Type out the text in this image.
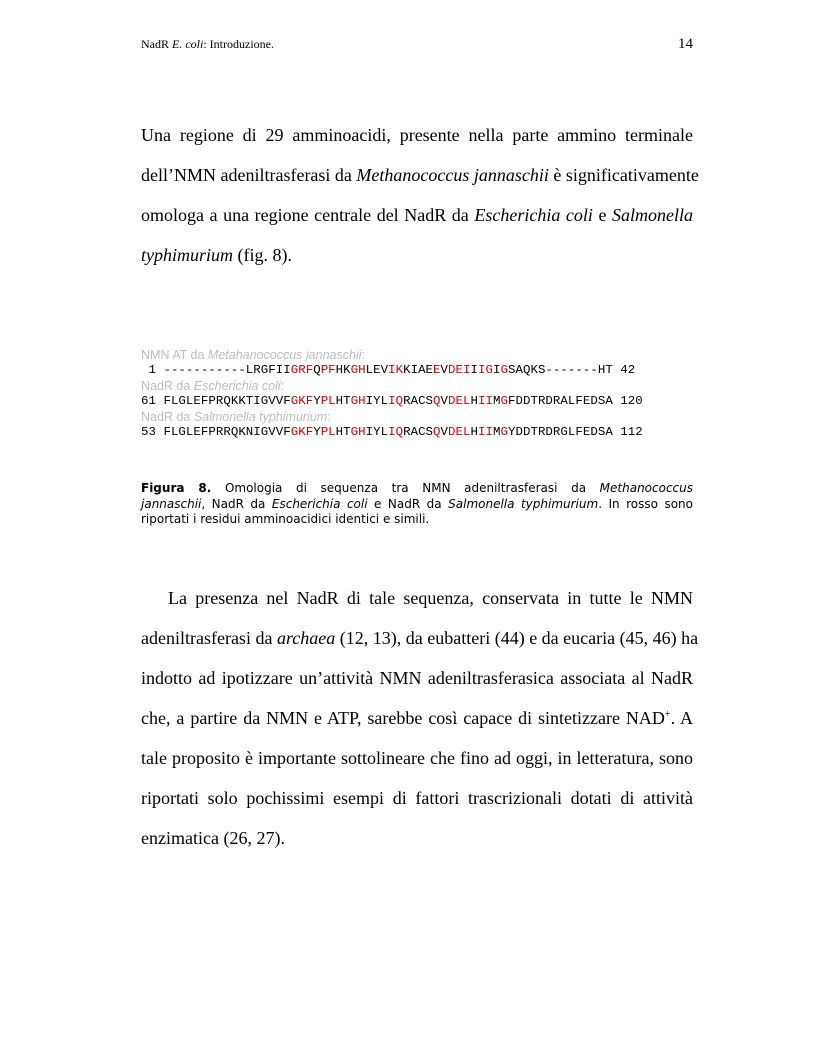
NadR E. coli: Introduzione.	14
Una regione di 29 amminoacidi, presente nella parte ammino terminale
dell’NMN adeniltrasferasi da Methanococcus jannaschii è significativamente
omologa a una regione centrale del NadR da Escherichia coli e Salmonella
typhimurium (fig. 8).
NMN AT da Metahanococcus jannaschii:
1 -----------LRGFIIGRFQPFHKGHLEVIKKIAEEVDEIIIGIGSAQKS-------HT 42
NadR da Escherichia coli:
61 FLGLEFPRQKKTIGVVFGKFYPLHTGHIYLIQRACSQVDELHIIMGFDDTRDRALFEDSA 120
NadR da Salmonella typhimurium:
53 FLGLEFPRRQKNIGVVFGKFYPLHTGHIYLIQRACSQVDELHIIMGYDDTRDRGLFEDSA 112
Figura 8. Omologia di sequenza tra NMN adeniltrasferasi da Methanococcus
jannaschii, NadR da Escherichia coli e NadR da Salmonella typhimurium. In rosso sono
riportati i residui amminoacidici identici e simili.
La presenza nel NadR di tale sequenza, conservata in tutte le NMN
adeniltrasferasi da archaea (12, 13), da eubatteri (44) e da eucaria (45, 46) ha
indotto ad ipotizzare un’attività NMN adeniltrasferasica associata al NadR
che, a partire da NMN e ATP, sarebbe così capace di sintetizzare NAD+. A
tale proposito è importante sottolineare che fino ad oggi, in letteratura, sono
riportati solo pochissimi esempi di fattori trascrizionali dotati di attività
enzimatica (26, 27).
